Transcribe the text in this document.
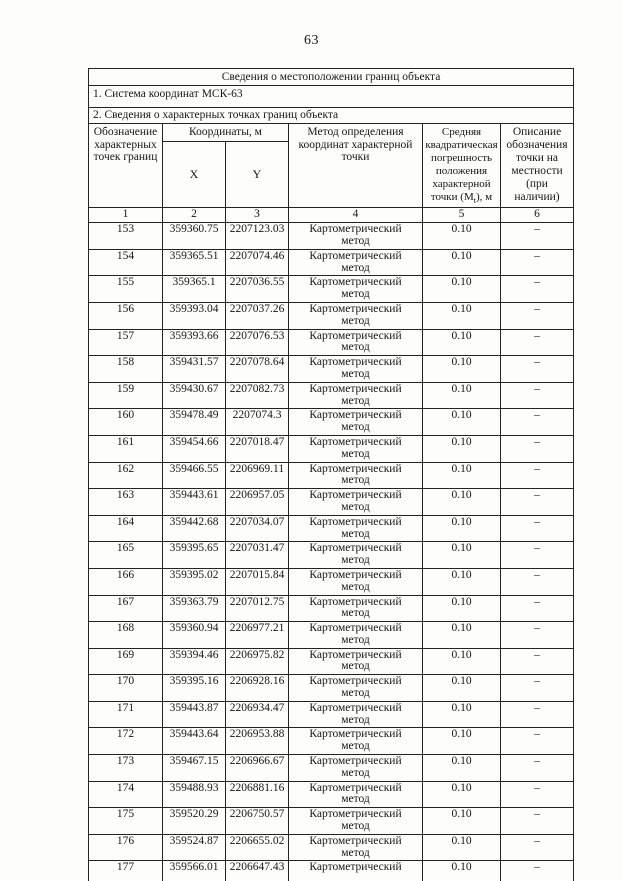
63
Сведения о местоположении границ объекта					
1. Система координат МСК-63					
2. Сведения о характерных точках границ объекта					
Обозначение характерных точек границ	Координаты, м		Метод определения координат характерной точки	Средняя квадратическая погрешность положения характерной точки $(M_t)$, м	Описание обозначения точки на местности (при наличии)
	X	Y			
1	2	3	4	5	6
153	359360.75	2207123.03	Картометрический метод	0.10	–
154	359365.51	2207074.46	Картометрический метод	0.10	–
155	359365.1	2207036.55	Картометрический метод	0.10	–
156	359393.04	2207037.26	Картометрический метод	0.10	–
157	359393.66	2207076.53	Картометрический метод	0.10	–
158	359431.57	2207078.64	Картометрический метод	0.10	–
159	359430.67	2207082.73	Картометрический метод	0.10	–
160	359478.49	2207074.3	Картометрический метод	0.10	–
161	359454.66	2207018.47	Картометрический метод	0.10	–
162	359466.55	2206969.11	Картометрический метод	0.10	–
163	359443.61	2206957.05	Картометрический метод	0.10	–
164	359442.68	2207034.07	Картометрический метод	0.10	–
165	359395.65	2207031.47	Картометрический метод	0.10	–
166	359395.02	2207015.84	Картометрический метод	0.10	–
167	359363.79	2207012.75	Картометрический метод	0.10	–
168	359360.94	2206977.21	Картометрический метод	0.10	–
169	359394.46	2206975.82	Картометрический метод	0.10	–
170	359395.16	2206928.16	Картометрический метод	0.10	–
171	359443.87	2206934.47	Картометрический метод	0.10	–
172	359443.64	2206953.88	Картометрический метод	0.10	–
173	359467.15	2206966.67	Картометрический метод	0.10	–
174	359488.93	2206881.16	Картометрический метод	0.10	–
175	359520.29	2206750.57	Картометрический метод	0.10	–
176	359524.87	2206655.02	Картометрический метод	0.10	–
177	359566.01	2206647.43	Картометрический	0.10	–
